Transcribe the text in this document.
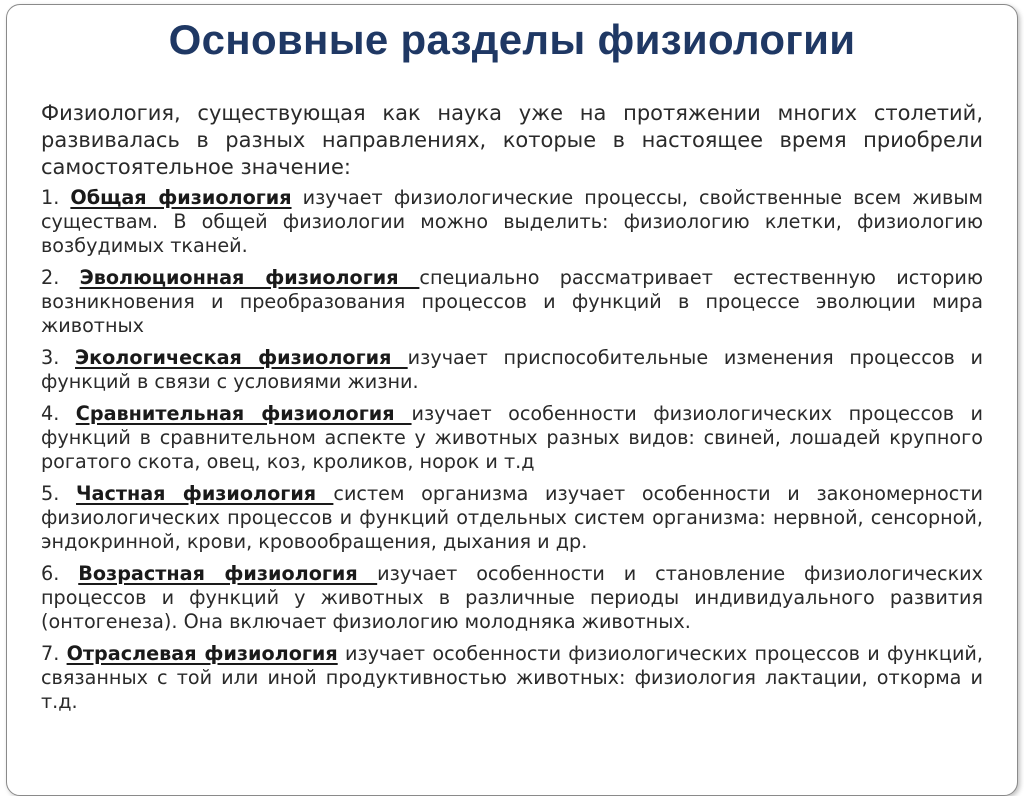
Основные разделы физиологии

Физиология, существующая как наука уже на протяжении многих столетий, развивалась в разных направлениях, которые в настоящее время приобрели самостоятельное значение:

1. Общая физиология изучает физиологические процессы, свойственные всем живым существам. В общей физиологии можно выделить: физиологию клетки, физиологию возбудимых тканей.

2. Эволюционная физиология специально рассматривает естественную историю возникновения и преобразования процессов и функций в процессе эволюции мира животных

3. Экологическая физиология изучает приспособительные изменения процессов и функций в связи с условиями жизни.

4. Сравнительная физиология изучает особенности физиологических процессов и функций в сравнительном аспекте у животных разных видов: свиней, лошадей крупного рогатого скота, овец, коз, кроликов, норок и т.д

5. Частная физиология систем организма изучает особенности и закономерности физиологических процессов и функций отдельных систем организма: нервной, сенсорной, эндокринной, крови, кровообращения, дыхания и др.

6. Возрастная физиология изучает особенности и становление физиологических процессов и функций у животных в различные периоды индивидуального развития (онтогенеза). Она включает физиологию молодняка животных.

7. Отраслевая физиология изучает особенности физиологических процессов и функций, связанных с той или иной продуктивностью животных: физиология лактации, откорма и т.д.
